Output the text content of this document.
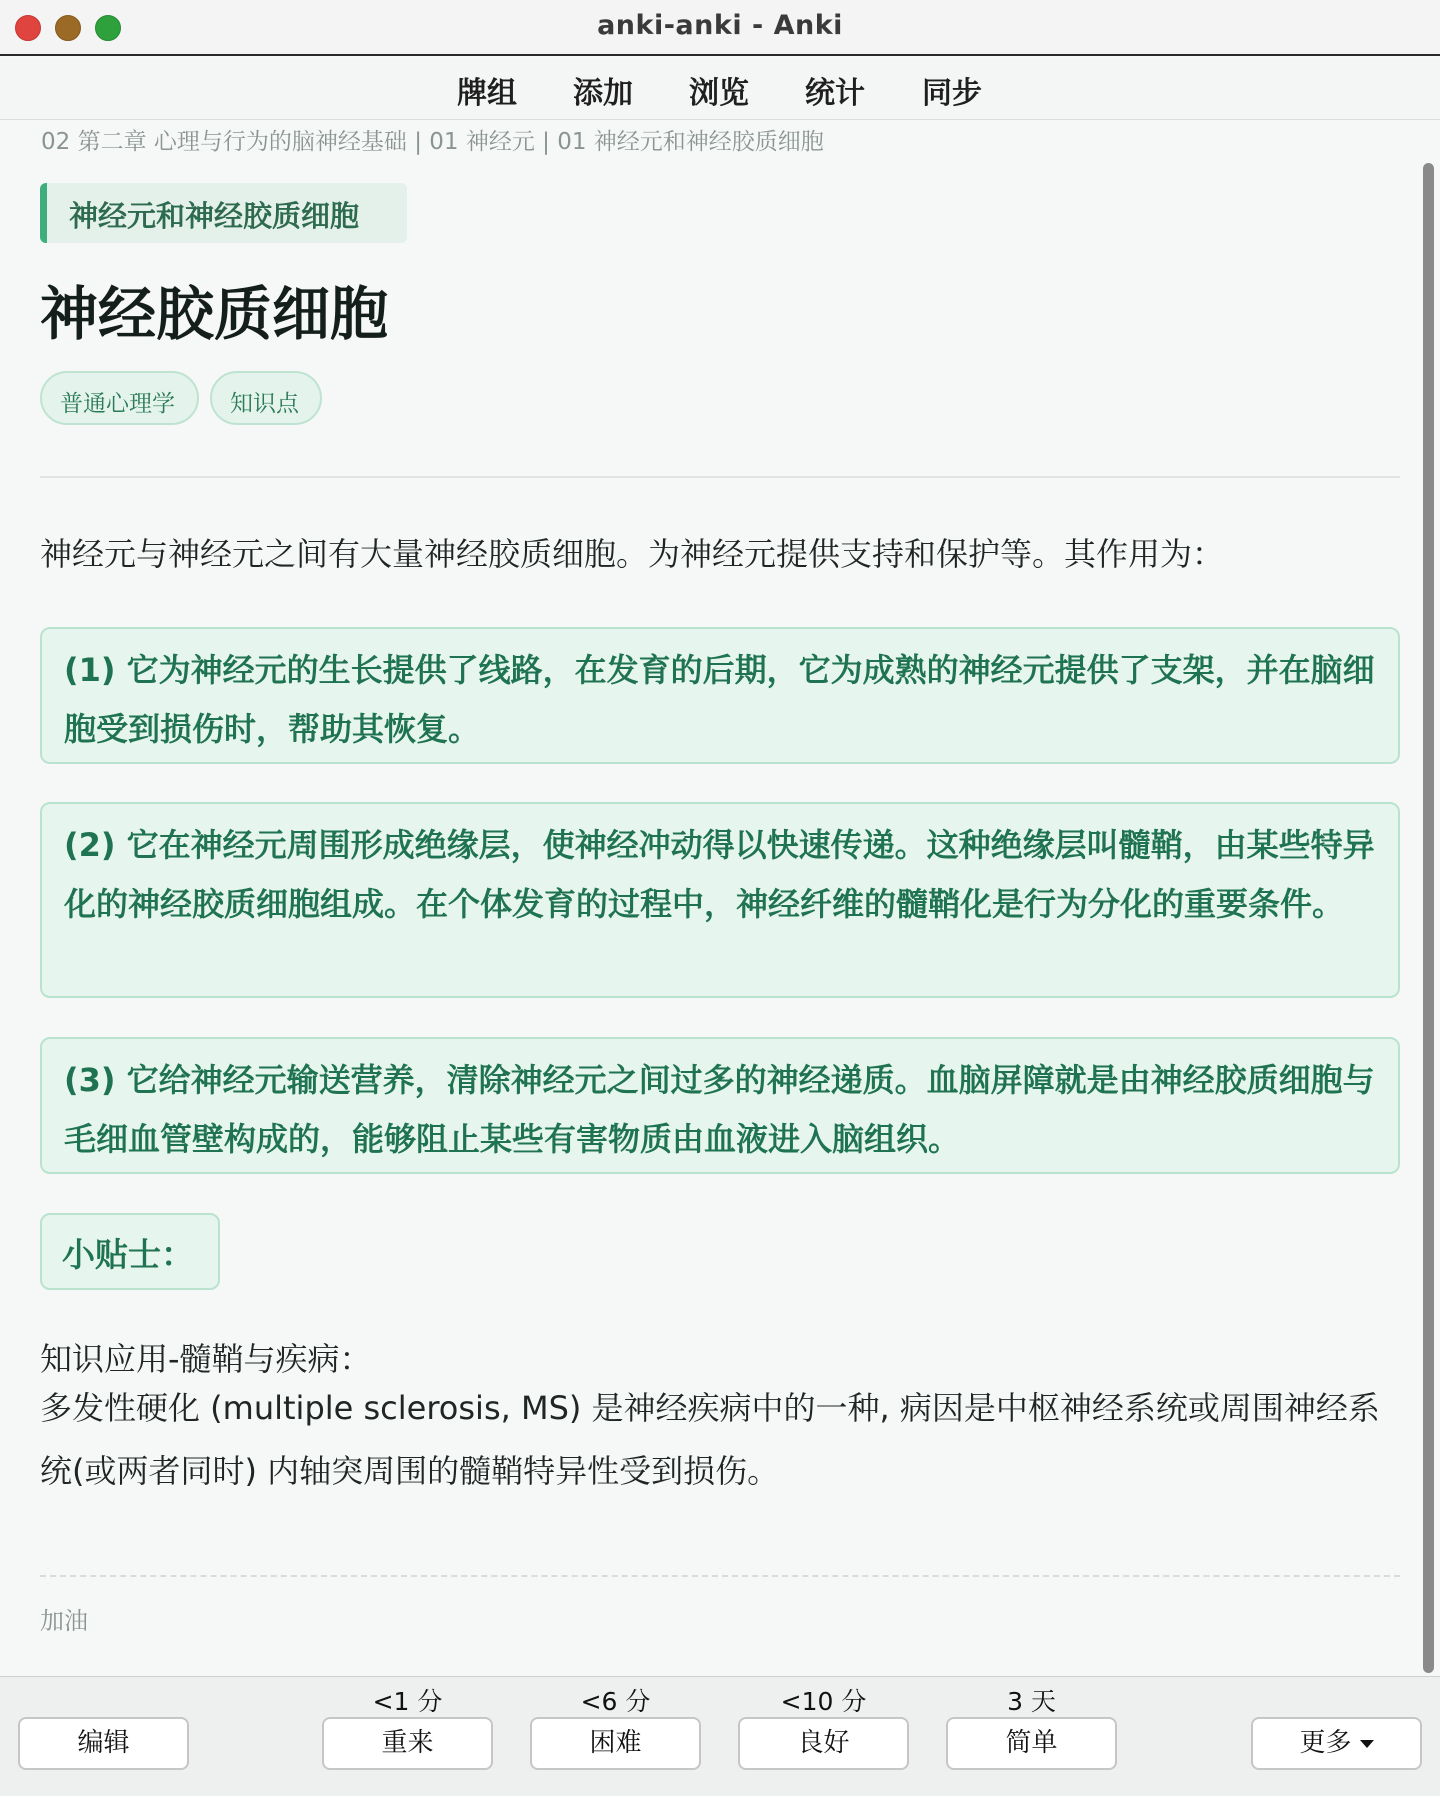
anki-anki - Anki
牌组 添加 浏览 统计 同步
02 第二章 心理与行为的脑神经基础 | 01 神经元 | 01 神经元和神经胶质细胞
神经元和神经胶质细胞
神经胶质细胞
普通心理学	知识点
神经元与神经元之间有大量神经胶质细胞。为神经元提供支持和保护等。其作用为：
(1) 它为神经元的生长提供了线路，在发育的后期，它为成熟的神经元提供了支架，并在脑细胞受到损伤时，帮助其恢复。
(2) 它在神经元周围形成绝缘层，使神经冲动得以快速传递。这种绝缘层叫髓鞘，由某些特异化的神经胶质细胞组成。在个体发育的过程中，神经纤维的髓鞘化是行为分化的重要条件。
(3) 它给神经元输送营养，清除神经元之间过多的神经递质。血脑屏障就是由神经胶质细胞与毛细血管壁构成的，能够阻止某些有害物质由血液进入脑组织。
小贴士：
知识应用-髓鞘与疾病：
多发性硬化 (multiple sclerosis, MS) 是神经疾病中的一种, 病因是中枢神经系统或周围神经系统(或两者同时) 内轴突周围的髓鞘特异性受到损伤。
加油
编辑
<1 分
重来
<6 分
困难
<10 分
良好
3 天
简单	更多
